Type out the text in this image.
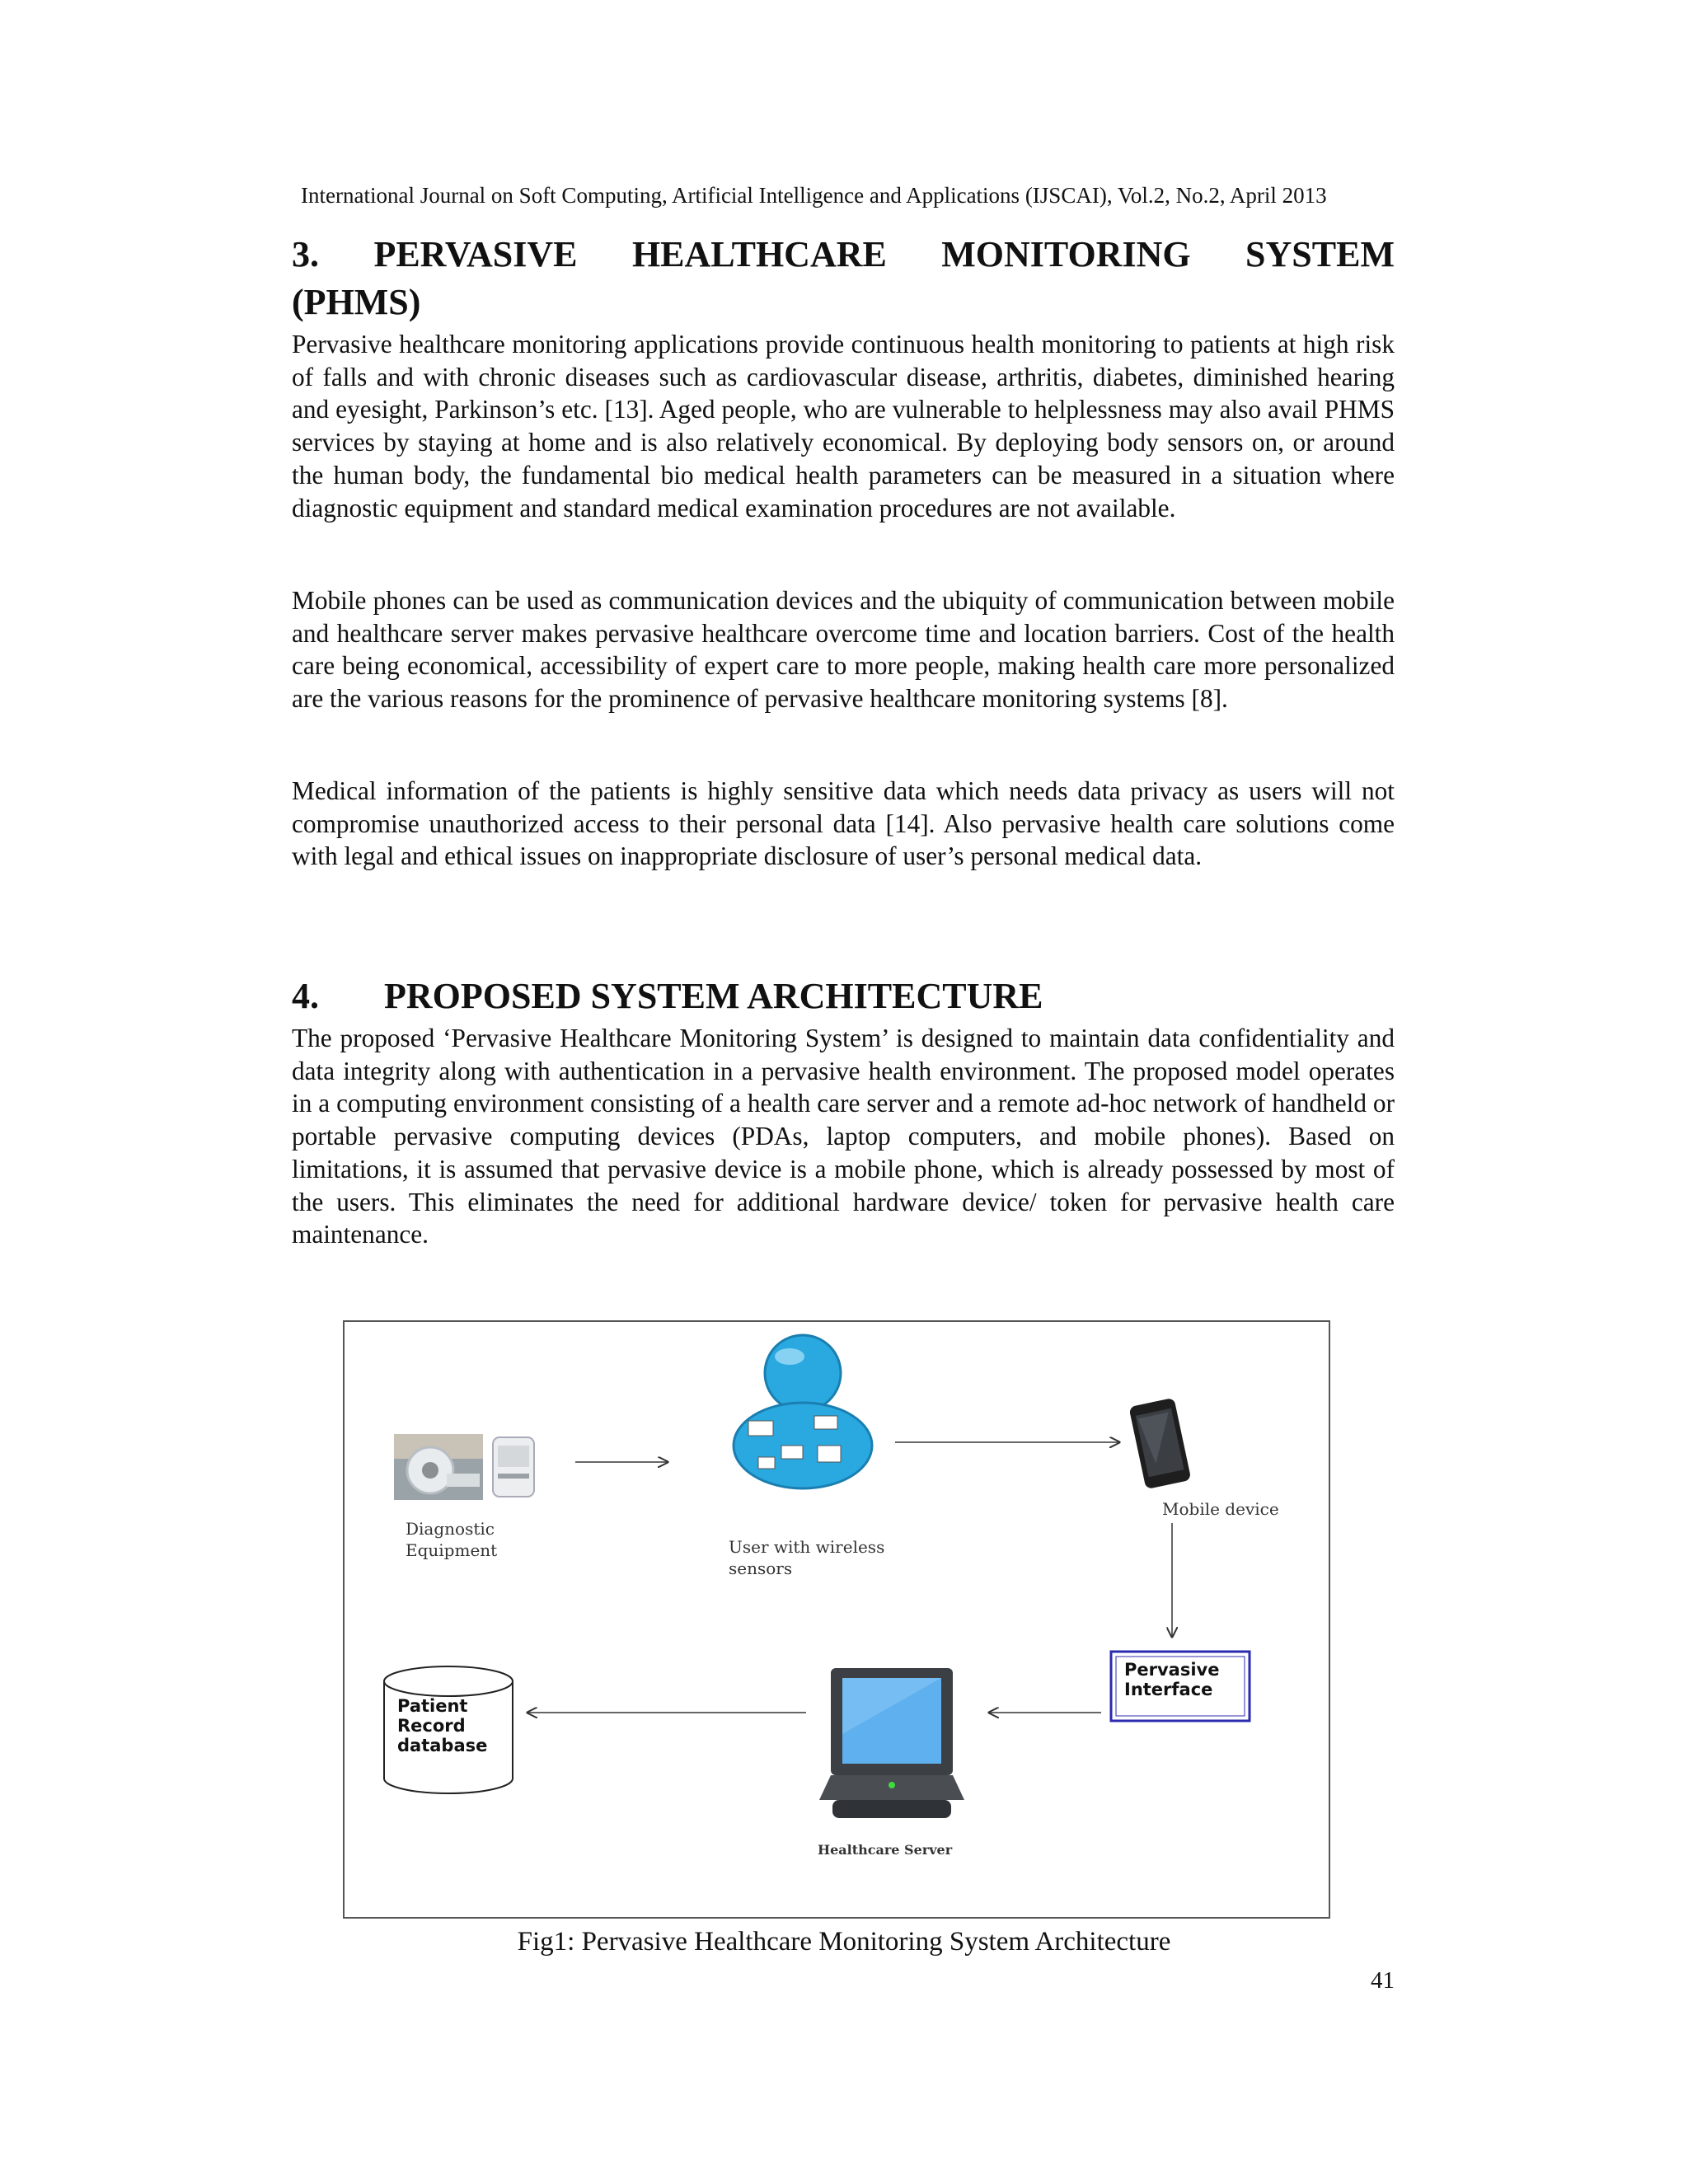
International Journal on Soft Computing, Artificial Intelligence and Applications (IJSCAI), Vol.2, No.2, April 2013
3. PERVASIVE HEALTHCARE MONITORING SYSTEM
(PHMS)

Pervasive healthcare monitoring applications provide continuous health monitoring to patients at high risk of falls and with chronic diseases such as cardiovascular disease, arthritis, diabetes, diminished hearing and eyesight, Parkinson’s etc. [13]. Aged people, who are vulnerable to helplessness may also avail PHMS services by staying at home and is also relatively economical. By deploying body sensors on, or around the human body, the fundamental bio medical health parameters can be measured in a situation where diagnostic equipment and standard medical examination procedures are not available.

Mobile phones can be used as communication devices and the ubiquity of communication between mobile and healthcare server makes pervasive healthcare overcome time and location barriers. Cost of the health care being economical, accessibility of expert care to more people, making health care more personalized are the various reasons for the prominence of pervasive healthcare monitoring systems [8].

Medical information of the patients is highly sensitive data which needs data privacy as users will not compromise unauthorized access to their personal data [14]. Also pervasive health care solutions come with legal and ethical issues on inappropriate disclosure of user’s personal medical data.

4. PROPOSED SYSTEM ARCHITECTURE

The proposed ‘Pervasive Healthcare Monitoring System’ is designed to maintain data confidentiality and data integrity along with authentication in a pervasive health environment. The proposed model operates in a computing environment consisting of a health care server and a remote ad-hoc network of handheld or portable pervasive computing devices (PDAs, laptop computers, and mobile phones). Based on limitations, it is assumed that pervasive device is a mobile phone, which is already possessed by most of the users. This eliminates the need for additional hardware device/ token for pervasive health care maintenance.

Diagnostic Equipment	User with wireless sensors
Mobile device
Pervasive Interface
Patient Record database
Healthcare Server
Fig1: Pervasive Healthcare Monitoring System Architecture
41
